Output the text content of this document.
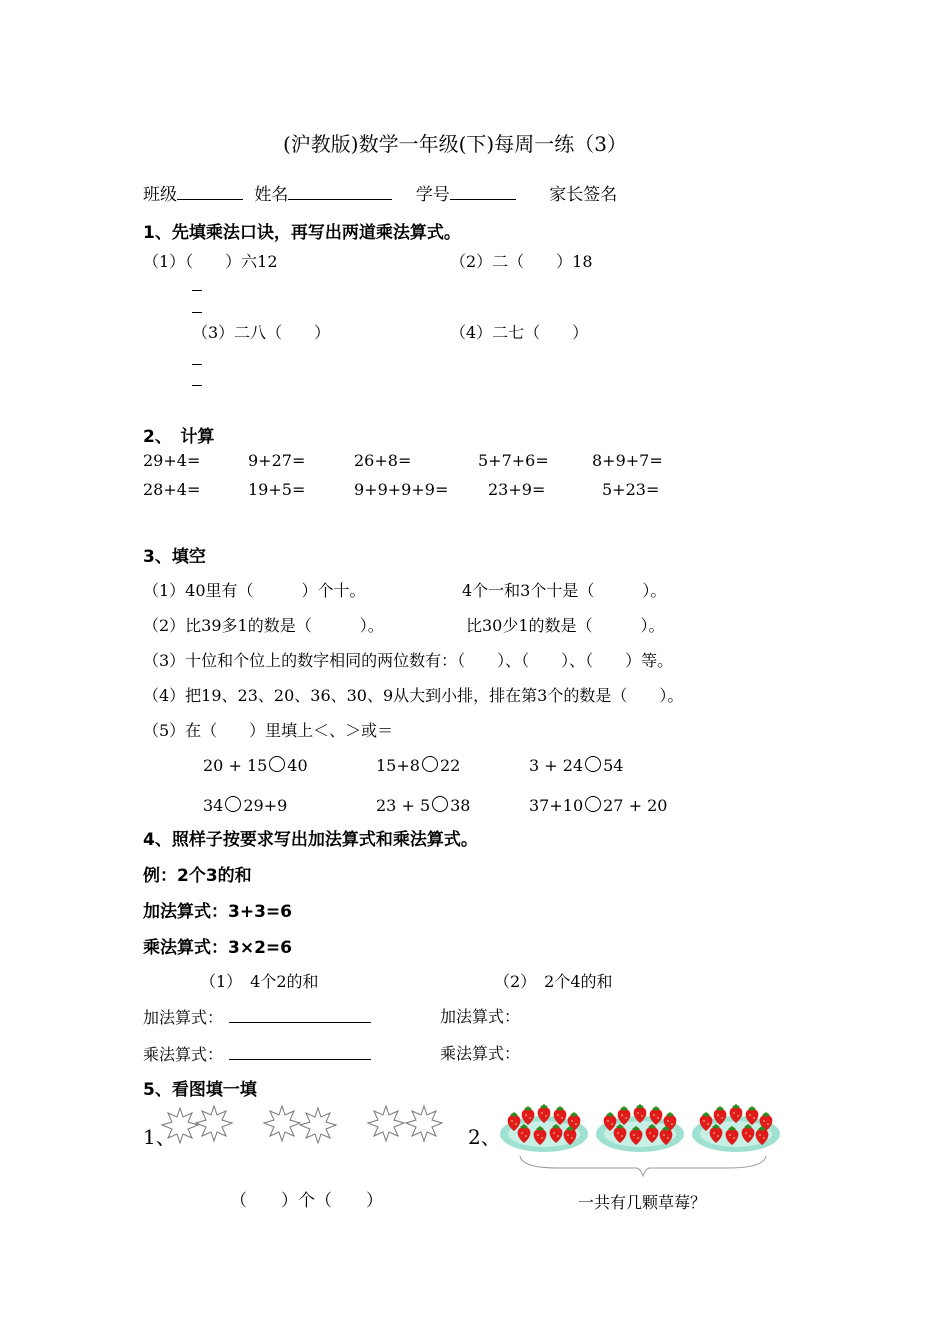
(沪教版)数学一年级(下)每周一练（3）
班级	姓名	学号	家长签名
1、先填乘法口诀，再写出两道乘法算式。
（1）（　　）六12	（2）二（　　）18
（3）二八（　　）	（4）二七（　　）
2、　计算
29+4=	9+27=	26+8=	5+7+6=	8+9+7=
28+4=	19+5=	9+9+9+9= 23+9=	5+23=
3、填空
（1）40里有（　　　）个十。	4个一和3个十是（　　　）。
（2）比39多1的数是（　　　）。	比30少1的数是（　　　）。
（3）十位和个位上的数字相同的两位数有：（　　）、（　　）、（　　）等。
（4）把19、23、20、36、30、9从大到小排，排在第3个的数是（　　）。
（5）在（　　）里填上＜、＞或＝
20 + 15 40	15+8 22	3 + 24 54
34 29+9	23 + 5 38	37+10 27 + 20
4、照样子按要求写出加法算式和乘法算式。
例：2个3的和
加法算式：3+3=6
乘法算式：3×2=6
（1）　4个2的和	（2）　2个4的和
加法算式：	加法算式：
乘法算式：	乘法算式：
5、看图填一填
1、	2、
（　　）个（　　）	一共有几颗草莓？
